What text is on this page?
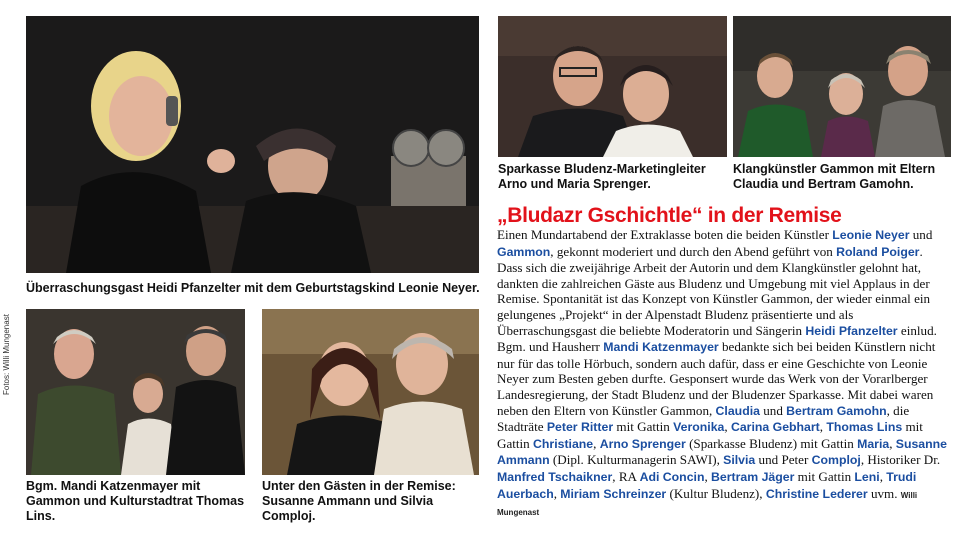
Überraschungsgast Heidi Pfanzelter mit dem Geburtstagskind Leonie Neyer.
Sparkasse Bludenz-Marketingleiter Arno und Maria Sprenger.
Klangkünstler Gammon mit Eltern Claudia und Bertram Gamohn.
Fotos: Willi Mungenast
Bgm. Mandi Katzenmayer mit Gammon und Kulturstadtrat Thomas Lins.
Unter den Gästen in der Remise: Susanne Ammann und Silvia Comploj.
„Bludazr Gschichtle“ in der Remise
Einen Mundartabend der Extraklasse boten die beiden Künstler Leonie Neyer und Gammon, gekonnt moderiert und durch den Abend geführt von Roland Poiger. Dass sich die zweijährige Arbeit der Autorin und dem Klangkünstler gelohnt hat, dankten die zahlreichen Gäste aus Bludenz und Umgebung mit viel Applaus in der Remise. Spontanität ist das Konzept von Künstler Gammon, der wieder einmal ein gelungenes „Projekt“ in der Alpenstadt Bludenz präsentierte und als Überraschungsgast die beliebte Moderatorin und Sängerin Heidi Pfanzelter einlud. Bgm. und Hausherr Mandi Katzenmayer bedankte sich bei beiden Künstlern nicht nur für das tolle Hörbuch, sondern auch dafür, dass er eine Geschichte von Leonie Neyer zum Besten geben durfte. Gesponsert wurde das Werk von der Vorarlberger Landesregierung, der Stadt Bludenz und der Bludenzer Sparkasse. Mit dabei waren neben den Eltern von Künstler Gammon, Claudia und Bertram Gamohn, die Stadträte Peter Ritter mit Gattin Veronika, Carina Gebhart, Thomas Lins mit Gattin Christiane, Arno Sprenger (Sparkasse Bludenz) mit Gattin Maria, Susanne Ammann (Dipl. Kulturmanagerin SAWI), Silvia und Peter Comploj, Historiker Dr. Manfred Tschaikner, RA Adi Concin, Bertram Jäger mit Gattin Leni, Trudi Auerbach, Miriam Schreinzer (Kultur Bludenz), Christine Lederer uvm. Willi Mungenast
